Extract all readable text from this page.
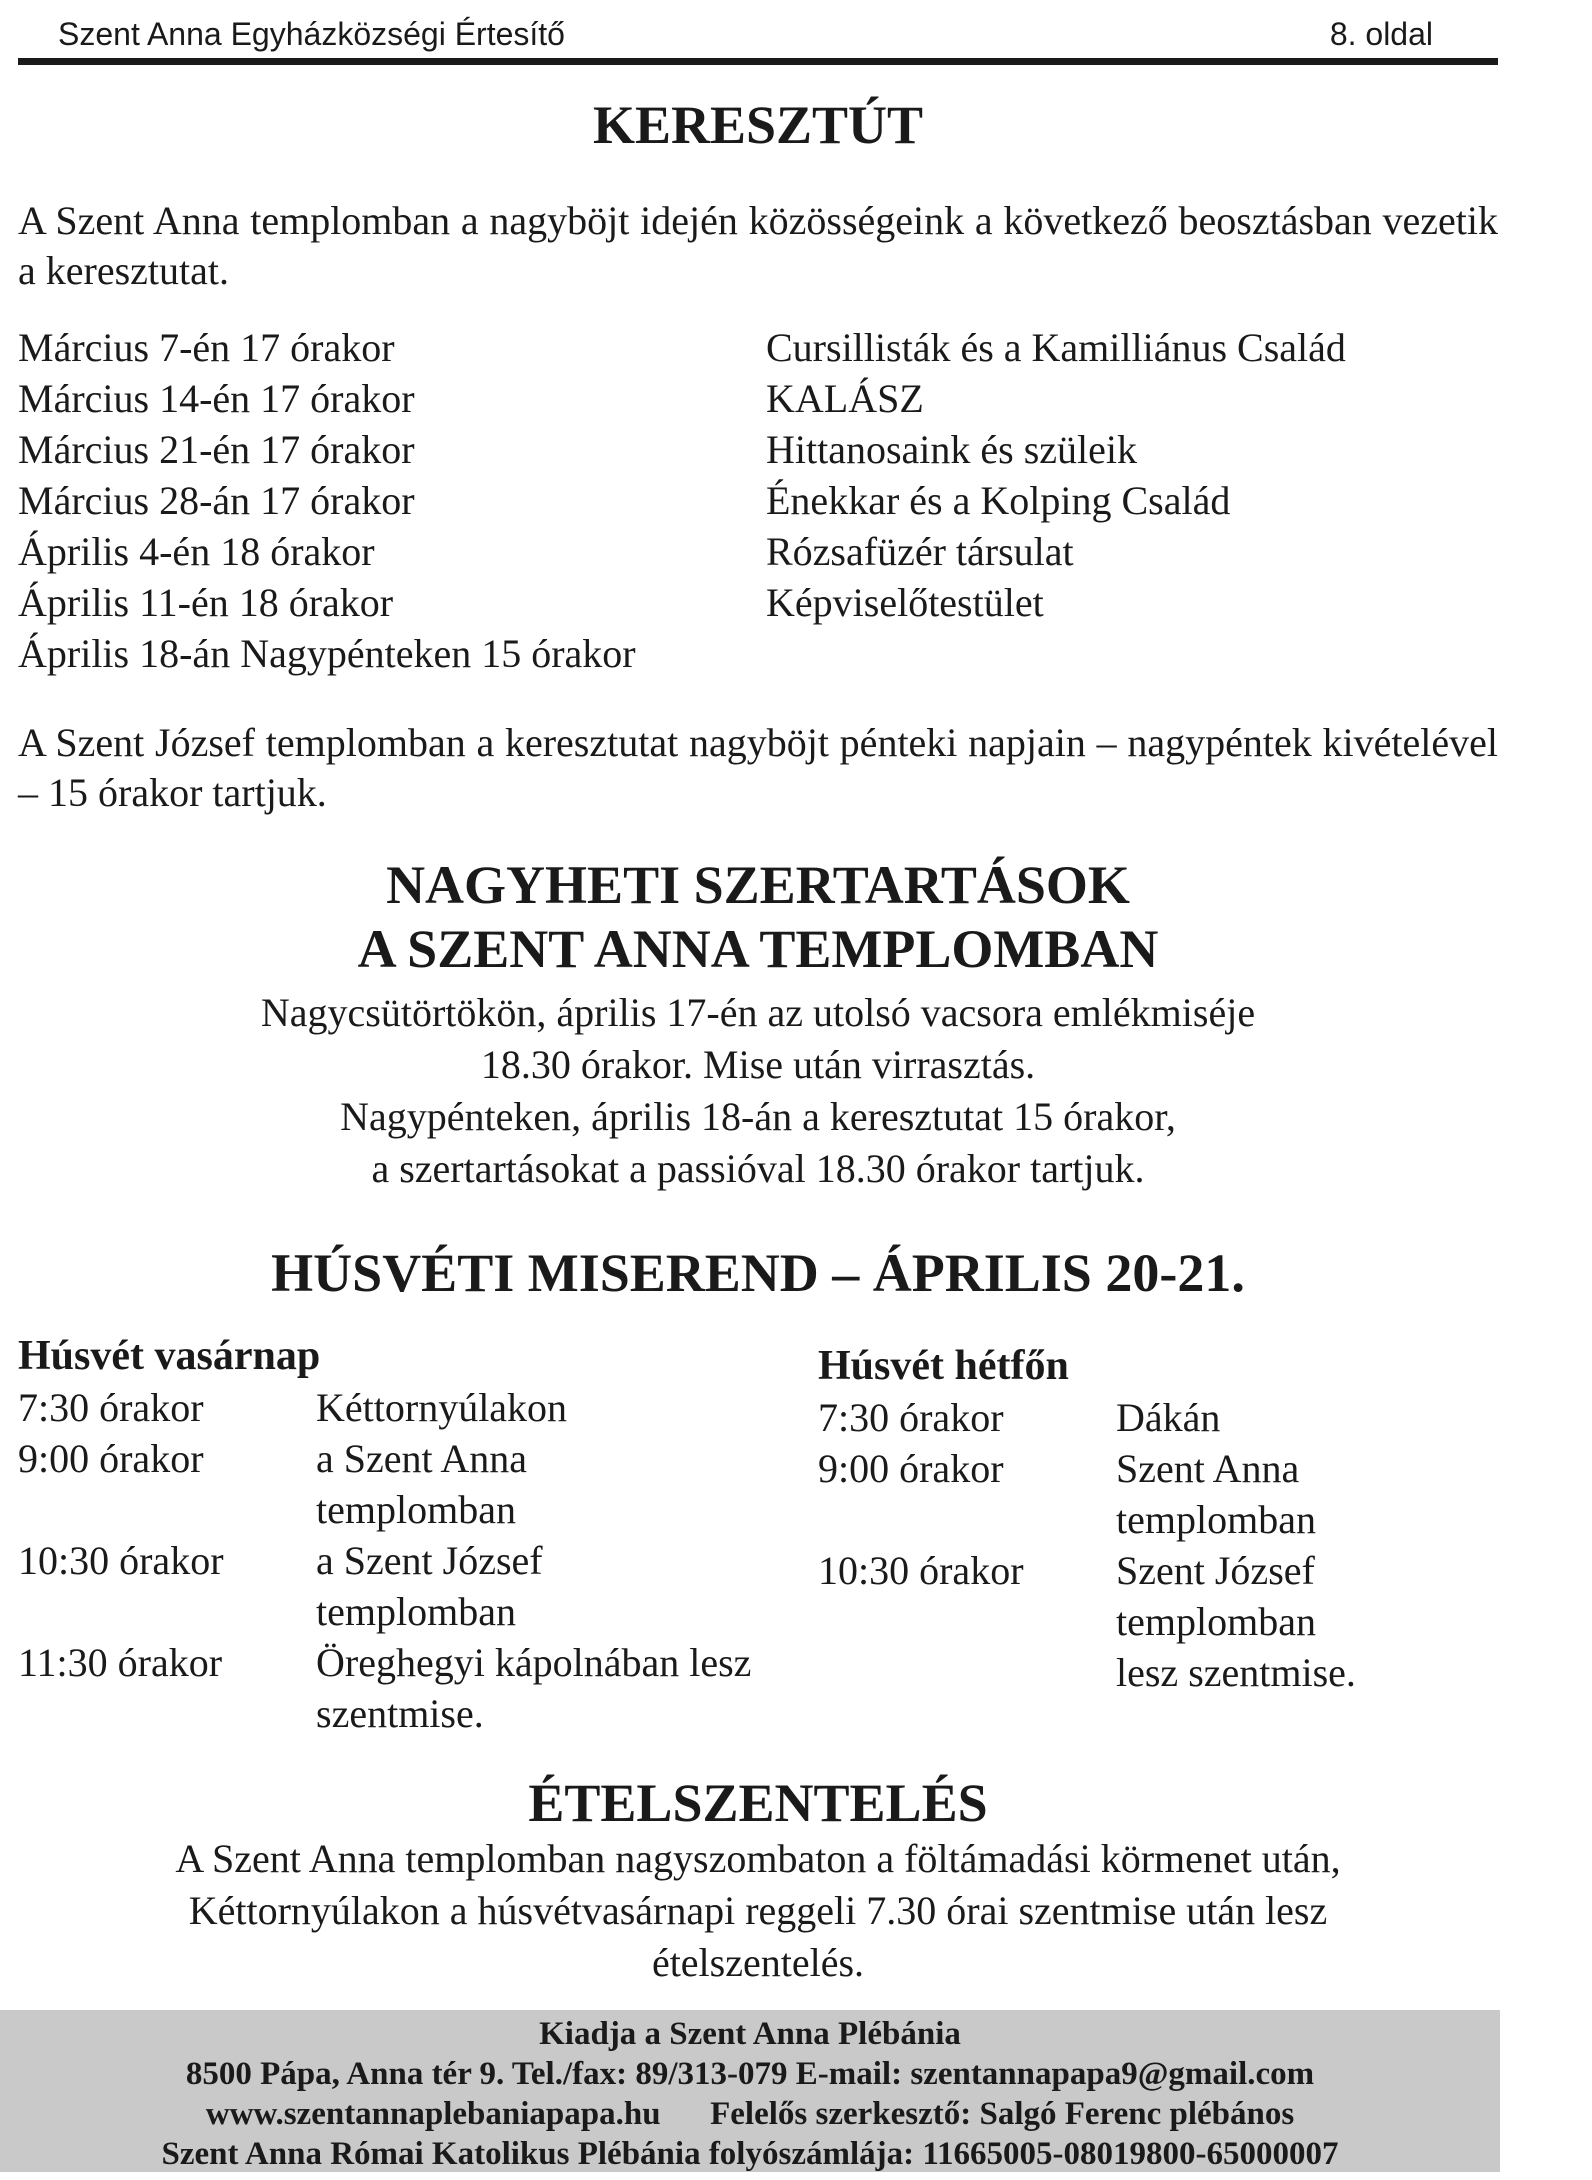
Szent Anna Egyházközségi Értesítő	8. oldal
KERESZTÚT
A Szent Anna templomban a nagyböjt idején közösségeink a következő beosztásban vezetik a keresztutat.
Március 7-én 17 órakor	Cursillisták és a Kamilliánus Család
Március 14-én 17 órakor	KALÁSZ
Március 21-én 17 órakor	Hittanosaink és szüleik
Március 28-án 17 órakor	Énekkar és a Kolping Család
Április 4-én 18 órakor	Rózsafüzér társulat
Április 11-én 18 órakor	Képviselőtestület
Április 18-án Nagypénteken 15 órakor
A Szent József templomban a keresztutat nagyböjt pénteki napjain – nagypéntek kivételével – 15 órakor tartjuk.
NAGYHETI SZERTARTÁSOK
A SZENT ANNA TEMPLOMBAN
Nagycsütörtökön, április 17-én az utolsó vacsora emlékmiséje
18.30 órakor. Mise után virrasztás.
Nagypénteken, április 18-án a keresztutat 15 órakor,
a szertartásokat a passióval 18.30 órakor tartjuk.
HÚSVÉTI MISEREND – ÁPRILIS 20-21.
Húsvét vasárnap
7:30 órakor	Kéttornyúlakon
9:00 órakor	a Szent Anna templomban
10:30 órakor	a Szent József templomban
11:30 órakor	Öreghegyi kápolnában lesz szentmise.
Húsvét hétfőn
7:30 órakor	Dákán
9:00 órakor	Szent Anna templomban
10:30 órakor	Szent József templomban lesz szentmise.
ÉTELSZENTELÉS
A Szent Anna templomban nagyszombaton a föltámadási körmenet után,
Kéttornyúlakon a húsvétvasárnapi reggeli 7.30 órai szentmise után lesz
ételszentelés.
Kiadja a Szent Anna Plébánia
8500 Pápa, Anna tér 9. Tel./fax: 89/313-079 E-mail: szentannapapa9@gmail.com
www.szentannaplebaniapapa.hu      Felelős szerkesztő: Salgó Ferenc plébános
Szent Anna Római Katolikus Plébánia folyószámlája: 11665005-08019800-65000007
